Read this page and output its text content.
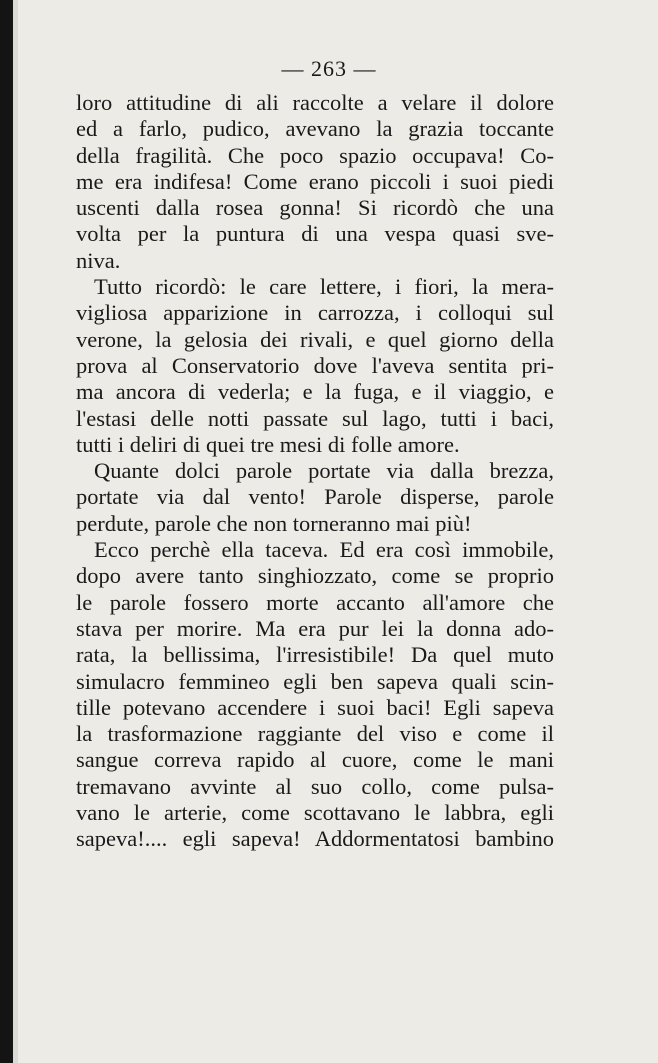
— 263 —
loro attitudine di ali raccolte a velare il dolore
ed a farlo, pudico, avevano la grazia toccante
della fragilità. Che poco spazio occupava! Co-
me era indifesa! Come erano piccoli i suoi piedi
uscenti dalla rosea gonna! Si ricordò che una
volta per la puntura di una vespa quasi sve-
niva.
Tutto ricordò: le care lettere, i fiori, la mera-
vigliosa apparizione in carrozza, i colloqui sul
verone, la gelosia dei rivali, e quel giorno della
prova al Conservatorio dove l'aveva sentita pri-
ma ancora di vederla; e la fuga, e il viaggio, e
l'estasi delle notti passate sul lago, tutti i baci,
tutti i deliri di quei tre mesi di folle amore.
Quante dolci parole portate via dalla brezza,
portate via dal vento! Parole disperse, parole
perdute, parole che non torneranno mai più!
Ecco perchè ella taceva. Ed era così immobile,
dopo avere tanto singhiozzato, come se proprio
le parole fossero morte accanto all'amore che
stava per morire. Ma era pur lei la donna ado-
rata, la bellissima, l'irresistibile! Da quel muto
simulacro femmineo egli ben sapeva quali scin-
tille potevano accendere i suoi baci! Egli sapeva
la trasformazione raggiante del viso e come il
sangue correva rapido al cuore, come le mani
tremavano avvinte al suo collo, come pulsa-
vano le arterie, come scottavano le labbra, egli
sapeva!.... egli sapeva! Addormentatosi bambino
